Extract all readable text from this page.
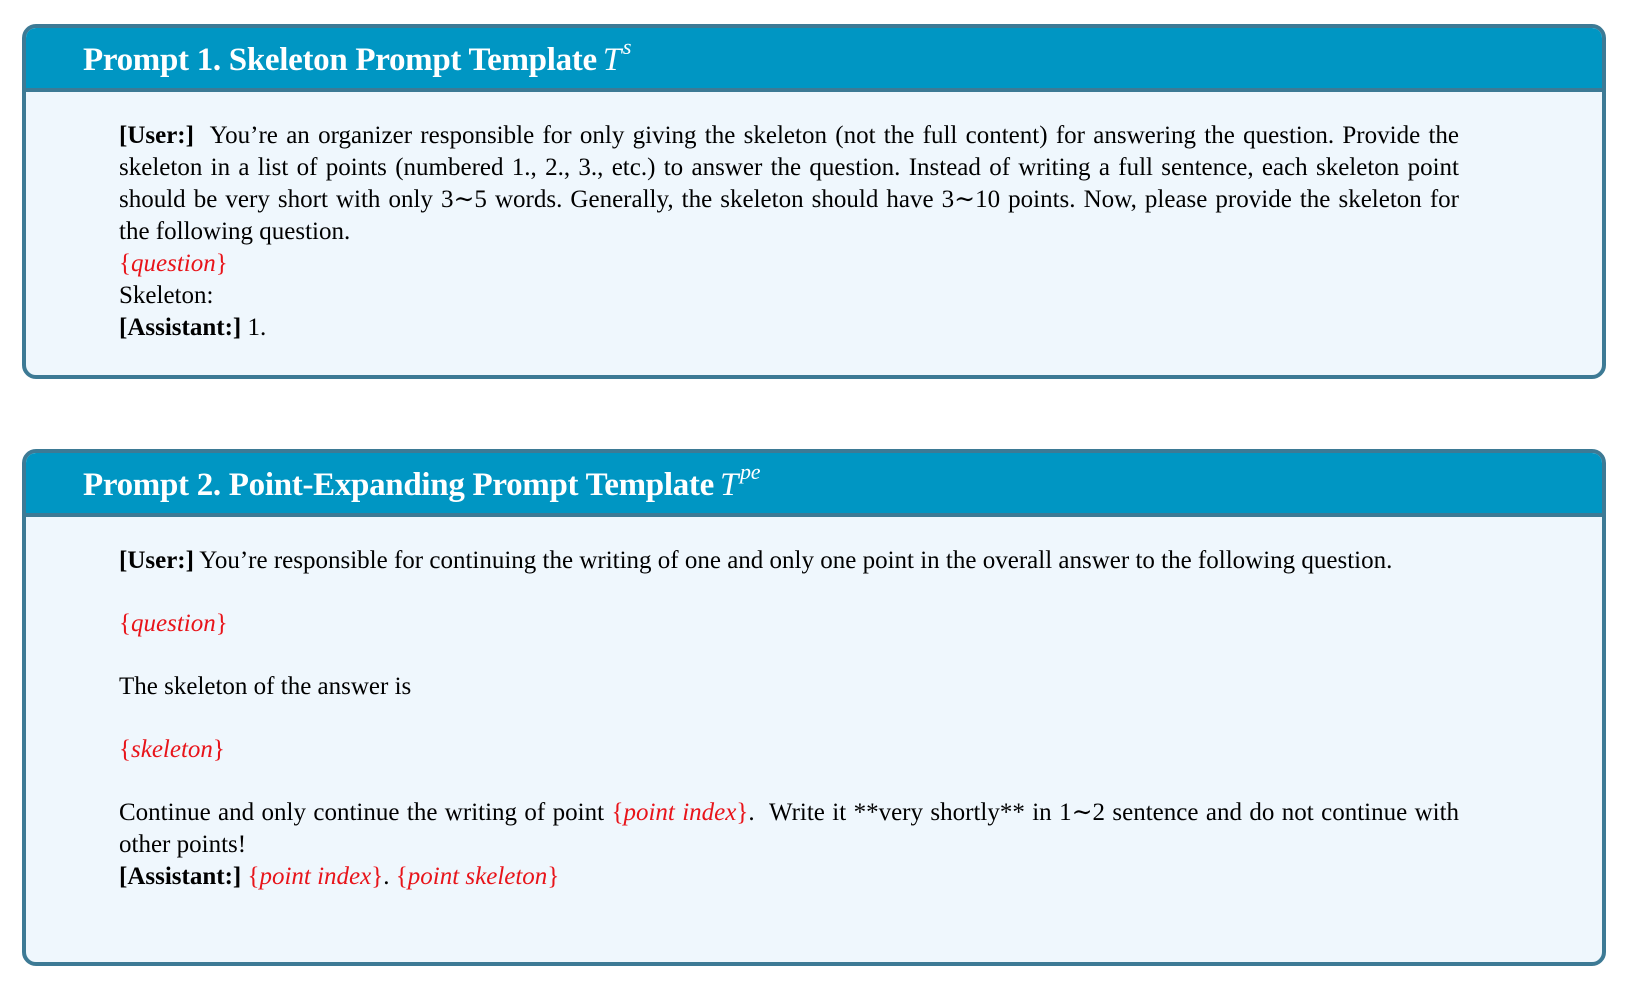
Prompt 1. Skeleton Prompt Template $T^s$

[User:] You’re an organizer responsible for only giving the skeleton (not the full content) for answering the question. Provide the skeleton in a list of points (numbered 1., 2., 3., etc.) to answer the question. Instead of writing a full sentence, each skeleton point should be very short with only 3∼5 words. Generally, the skeleton should have 3∼10 points. Now, please provide the skeleton for the following question.

{question}

Skeleton:

[Assistant:] 1.

Prompt 2. Point-Expanding Prompt Template $T^{pe}$

[User:] You’re responsible for continuing the writing of one and only one point in the overall answer to the following question.

{question}

The skeleton of the answer is

{skeleton}

Continue and only continue the writing of point {point index}.  Write it **very shortly** in 1∼2 sentence and do not continue with other points!

[Assistant:] {point index}. {point skeleton}
